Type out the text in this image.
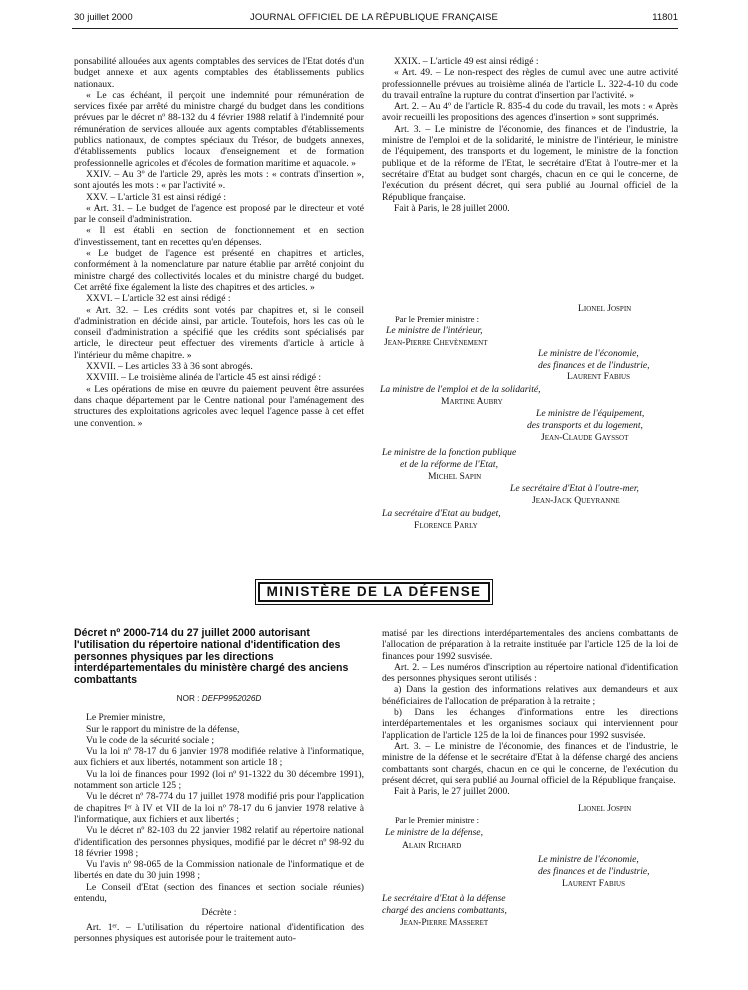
30 juillet 2000	JOURNAL OFFICIEL DE LA RÉPUBLIQUE FRANÇAISE	11801

ponsabilité allouées aux agents comptables des services de l'Etat dotés d'un budget annexe et aux agents comptables des établissements publics nationaux.

« Le cas échéant, il perçoit une indemnité pour rémunération de services fixée par arrêté du ministre chargé du budget dans les conditions prévues par le décret nº 88-132 du 4 février 1988 relatif à l'indemnité pour rémunération de services allouée aux agents comptables d'établissements publics nationaux, de comptes spéciaux du Trésor, de budgets annexes, d'établissements publics locaux d'enseignement et de formation professionnelle agricoles et d'écoles de formation maritime et aquacole. »

XXIV. – Au 3º de l'article 29, après les mots : « contrats d'insertion », sont ajoutés les mots : « par l'activité ».

XXV. – L'article 31 est ainsi rédigé :

« Art. 31. – Le budget de l'agence est proposé par le directeur et voté par le conseil d'administration.

« Il est établi en section de fonctionnement et en section d'investissement, tant en recettes qu'en dépenses.

« Le budget de l'agence est présenté en chapitres et articles, conformément à la nomenclature par nature établie par arrêté conjoint du ministre chargé des collectivités locales et du ministre chargé du budget. Cet arrêté fixe également la liste des chapitres et des articles. »

XXVI. – L'article 32 est ainsi rédigé :

« Art. 32. – Les crédits sont votés par chapitres et, si le conseil d'administration en décide ainsi, par article. Toutefois, hors les cas où le conseil d'administration a spécifié que les crédits sont spécialisés par article, le directeur peut effectuer des virements d'article à article à l'intérieur du même chapitre. »

XXVII. – Les articles 33 à 36 sont abrogés.

XXVIII. – Le troisième alinéa de l'article 45 est ainsi rédigé :

« Les opérations de mise en œuvre du paiement peuvent être assurées dans chaque département par le Centre national pour l'aménagement des structures des exploitations agricoles avec lequel l'agence passe à cet effet une convention. »

XXIX. – L'article 49 est ainsi rédigé :

« Art. 49. – Le non-respect des règles de cumul avec une autre activité professionnelle prévues au troisième alinéa de l'article L. 322-4-10 du code du travail entraîne la rupture du contrat d'insertion par l'activité. »

Art. 2. – Au 4º de l'article R. 835-4 du code du travail, les mots : « Après avoir recueilli les propositions des agences d'insertion » sont supprimés.

Art. 3. – Le ministre de l'économie, des finances et de l'industrie, la ministre de l'emploi et de la solidarité, le ministre de l'intérieur, le ministre de l'équipement, des transports et du logement, le ministre de la fonction publique et de la réforme de l'Etat, le secrétaire d'Etat à l'outre-mer et la secrétaire d'Etat au budget sont chargés, chacun en ce qui le concerne, de l'exécution du présent décret, qui sera publié au Journal officiel de la République française.

Fait à Paris, le 28 juillet 2000.

Lionel Jospin
Par le Premier ministre :
Le ministre de l'intérieur,
Jean-Pierre Chevènement
Le ministre de l'économie,
des finances et de l'industrie,
Laurent Fabius
La ministre de l'emploi et de la solidarité,
Martine Aubry
Le ministre de l'équipement,
des transports et du logement,
Jean-Claude Gayssot
Le ministre de la fonction publique
et de la réforme de l'Etat,
Michel Sapin
Le secrétaire d'Etat à l'outre-mer,
Jean-Jack Queyranne
La secrétaire d'Etat au budget,
Florence Parly
MINISTÈRE DE LA DÉFENSE
Décret nº 2000-714 du 27 juillet 2000 autorisant l'utilisation du répertoire national d'identification des personnes physiques par les directions interdépartementales du ministère chargé des anciens combattants
NOR : DEFP9952026D

Le Premier ministre,

Sur le rapport du ministre de la défense,

Vu le code de la sécurité sociale ;

Vu la loi nº 78-17 du 6 janvier 1978 modifiée relative à l'informatique, aux fichiers et aux libertés, notamment son article 18 ;

Vu la loi de finances pour 1992 (loi nº 91-1322 du 30 décembre 1991), notamment son article 125 ;

Vu le décret nº 78-774 du 17 juillet 1978 modifié pris pour l'application de chapitres Iᵉʳ à IV et VII de la loi nº 78-17 du 6 janvier 1978 relative à l'informatique, aux fichiers et aux libertés ;

Vu le décret nº 82-103 du 22 janvier 1982 relatif au répertoire national d'identification des personnes physiques, modifié par le décret nº 98-92 du 18 février 1998 ;

Vu l'avis nº 98-065 de la Commission nationale de l'informatique et de libertés en date du 30 juin 1998 ;

Le Conseil d'Etat (section des finances et section sociale réunies) entendu,

Décrète :

Art. 1ᵉʳ. – L'utilisation du répertoire national d'identification des personnes physiques est autorisée pour le traitement auto-

matisé par les directions interdépartementales des anciens combattants de l'allocation de préparation à la retraite instituée par l'article 125 de la loi de finances pour 1992 susvisée.

Art. 2. – Les numéros d'inscription au répertoire national d'identification des personnes physiques seront utilisés :

a) Dans la gestion des informations relatives aux demandeurs et aux bénéficiaires de l'allocation de préparation à la retraite ;

b) Dans les échanges d'informations entre les directions interdépartementales et les organismes sociaux qui interviennent pour l'application de l'article 125 de la loi de finances pour 1992 susvisée.

Art. 3. – Le ministre de l'économie, des finances et de l'industrie, le ministre de la défense et le secrétaire d'Etat à la défense chargé des anciens combattants sont chargés, chacun en ce qui le concerne, de l'exécution du présent décret, qui sera publié au Journal officiel de la République française.

Fait à Paris, le 27 juillet 2000.

Lionel Jospin
Par le Premier ministre :
Le ministre de la défense,
Alain Richard
Le ministre de l'économie,
des finances et de l'industrie,
Laurent Fabius
Le secrétaire d'Etat à la défense
chargé des anciens combattants,
Jean-Pierre Masseret
